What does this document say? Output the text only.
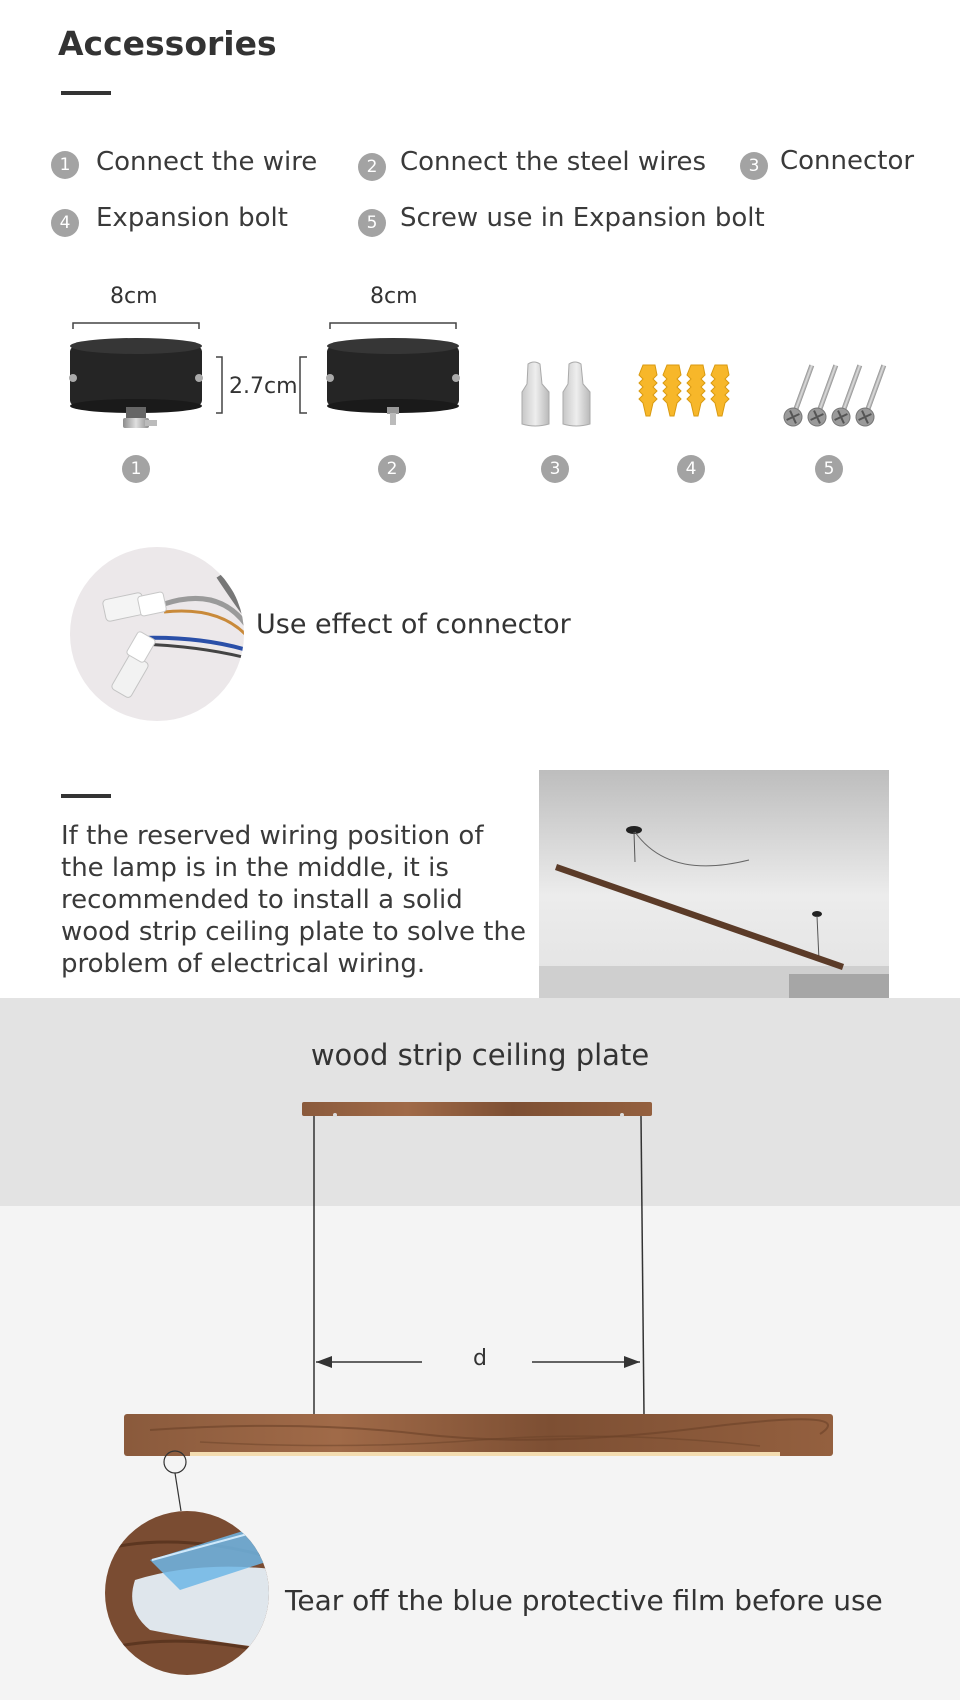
Accessories
1 Connect the wire	2 Connect the steel wires	3 Connector
4 Expansion bolt	5 Screw use in Expansion bolt
8cm	8cm
2.7cm
1	2	3	4	5
Use effect of connector

If the reserved wiring position of the lamp is in the middle, it is recommended to install a solid wood strip ceiling plate to solve the problem of electrical wiring.

wood strip ceiling plate
d
Tear off the blue protective film before use
